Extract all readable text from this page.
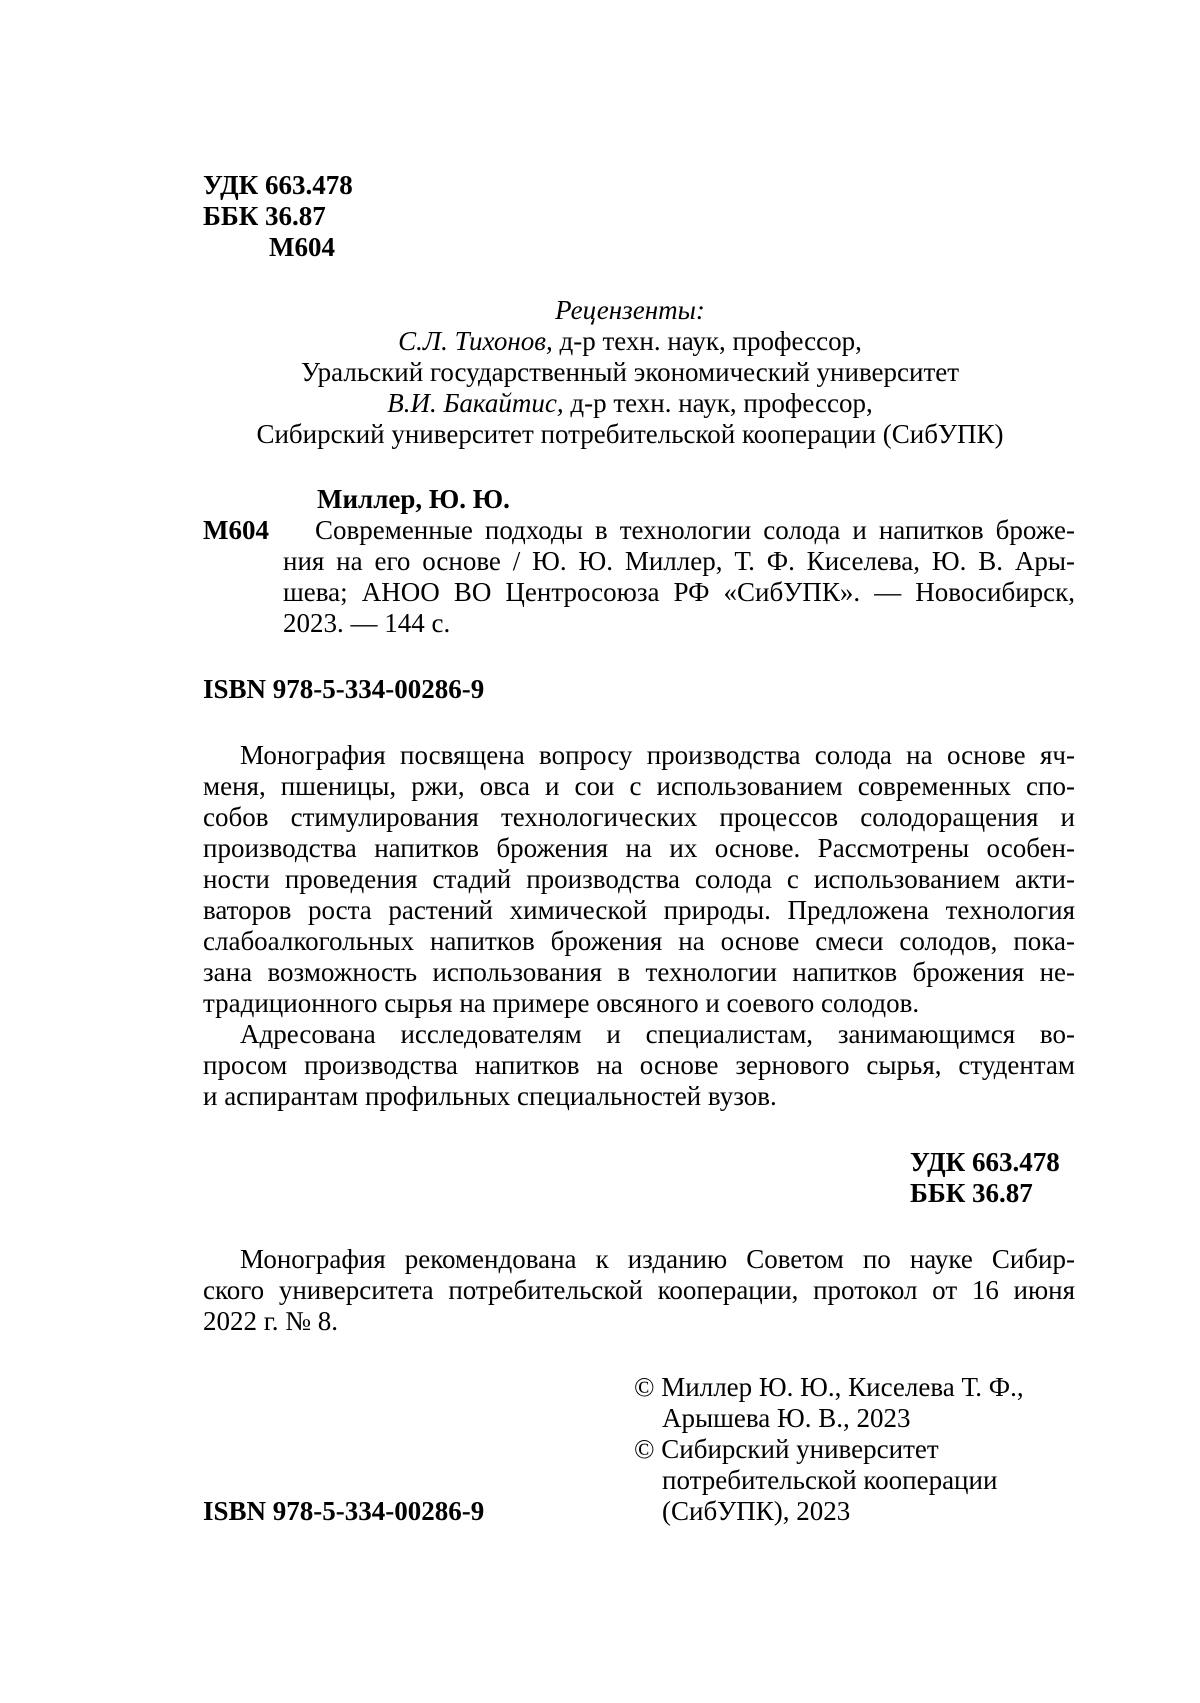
УДК 663.478
ББК 36.87
М604
Рецензенты:
С.Л. Тихонов, д-р техн. наук, профессор,
Уральский государственный экономический университет
В.И. Бакайтис, д-р техн. наук, профессор,
Сибирский университет потребительской кооперации (СибУПК)
Миллер, Ю. Ю.
М604 Современные подходы в технологии солода и напитков броже-
ния на его основе / Ю. Ю. Миллер, Т. Ф. Киселева, Ю. В. Ары-
шева; АНОО ВО Центросоюза РФ «СибУПК». — Новосибирск,
2023. — 144 с.
ISBN 978-5-334-00286-9
Монография посвящена вопросу производства солода на основе яч-
меня, пшеницы, ржи, овса и сои с использованием современных спо-
собов стимулирования технологических процессов солодоращения и
производства напитков брожения на их основе. Рассмотрены особен-
ности проведения стадий производства солода с использованием акти-
ваторов роста растений химической природы. Предложена технология
слабоалкогольных напитков брожения на основе смеси солодов, пока-
зана возможность использования в технологии напитков брожения не-
традиционного сырья на примере овсяного и соевого солодов.
Адресована исследователям и специалистам, занимающимся во-
просом производства напитков на основе зернового сырья, студентам
и аспирантам профильных специальностей вузов.
УДК 663.478
ББК 36.87
Монография рекомендована к изданию Советом по науке Сибир-
ского университета потребительской кооперации, протокол от 16 июня
2022 г. № 8.
© Миллер Ю. Ю., Киселева Т. Ф.,
Арышева Ю. В., 2023
© Сибирский университет
потребительской кооперации
(СибУПК), 2023
ISBN 978-5-334-00286-9
